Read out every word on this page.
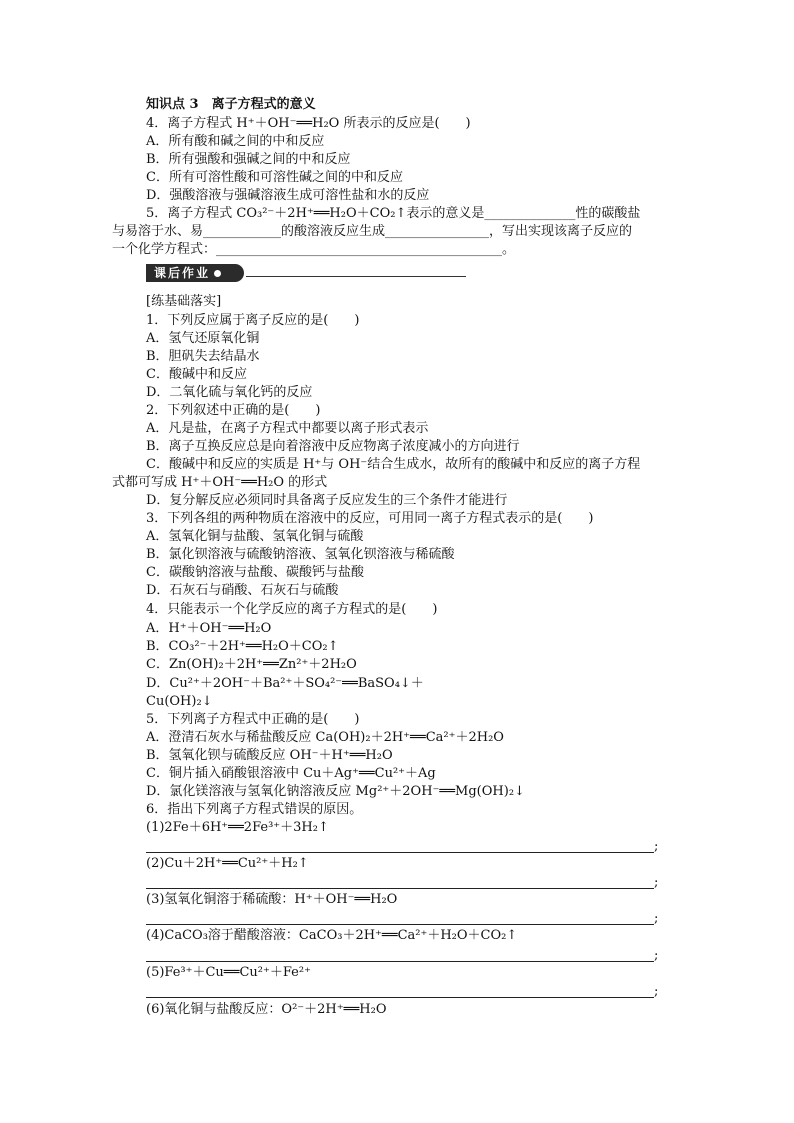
知识点 3　离子方程式的意义
4．离子方程式 H⁺＋OH⁻══H₂O 所表示的反应是(　　)
A．所有酸和碱之间的中和反应
B．所有强酸和强碱之间的中和反应
C．所有可溶性酸和可溶性碱之间的中和反应
D．强酸溶液与强碱溶液生成可溶性盐和水的反应
5．离子方程式 CO₃²⁻＋2H⁺══H₂O＋CO₂↑表示的意义是______________性的碳酸盐
与易溶于水、易____________的酸溶液反应生成________________，写出实现该离子反应的
一个化学方程式：____________________________________________。
课后作业
[练基础落实]
1．下列反应属于离子反应的是(　　)
A．氢气还原氧化铜
B．胆矾失去结晶水
C．酸碱中和反应
D．二氧化硫与氧化钙的反应
2．下列叙述中正确的是(　　)
A．凡是盐，在离子方程式中都要以离子形式表示
B．离子互换反应总是向着溶液中反应物离子浓度减小的方向进行
C．酸碱中和反应的实质是 H⁺与 OH⁻结合生成水，故所有的酸碱中和反应的离子方程
式都可写成 H⁺＋OH⁻══H₂O 的形式
D．复分解反应必须同时具备离子反应发生的三个条件才能进行
3．下列各组的两种物质在溶液中的反应，可用同一离子方程式表示的是(　　)
A．氢氧化铜与盐酸、氢氧化铜与硫酸
B．氯化钡溶液与硫酸钠溶液、氢氧化钡溶液与稀硫酸
C．碳酸钠溶液与盐酸、碳酸钙与盐酸
D．石灰石与硝酸、石灰石与硫酸
4．只能表示一个化学反应的离子方程式的是(　　)
A．H⁺＋OH⁻══H₂O
B．CO₃²⁻＋2H⁺══H₂O＋CO₂↑
C．Zn(OH)₂＋2H⁺══Zn²⁺＋2H₂O
D．Cu²⁺＋2OH⁻＋Ba²⁺＋SO₄²⁻══BaSO₄↓＋
Cu(OH)₂↓
5．下列离子方程式中正确的是(　　)
A．澄清石灰水与稀盐酸反应 Ca(OH)₂＋2H⁺══Ca²⁺＋2H₂O
B．氢氧化钡与硫酸反应 OH⁻＋H⁺══H₂O
C．铜片插入硝酸银溶液中 Cu＋Ag⁺══Cu²⁺＋Ag
D．氯化镁溶液与氢氧化钠溶液反应 Mg²⁺＋2OH⁻══Mg(OH)₂↓
6．指出下列离子方程式错误的原因。
(1)2Fe＋6H⁺══2Fe³⁺＋3H₂↑
;
(2)Cu＋2H⁺══Cu²⁺＋H₂↑
;
(3)氢氧化铜溶于稀硫酸：H⁺＋OH⁻══H₂O
;
(4)CaCO₃溶于醋酸溶液：CaCO₃＋2H⁺══Ca²⁺＋H₂O＋CO₂↑
;
(5)Fe³⁺＋Cu══Cu²⁺＋Fe²⁺
;
(6)氧化铜与盐酸反应：O²⁻＋2H⁺══H₂O
